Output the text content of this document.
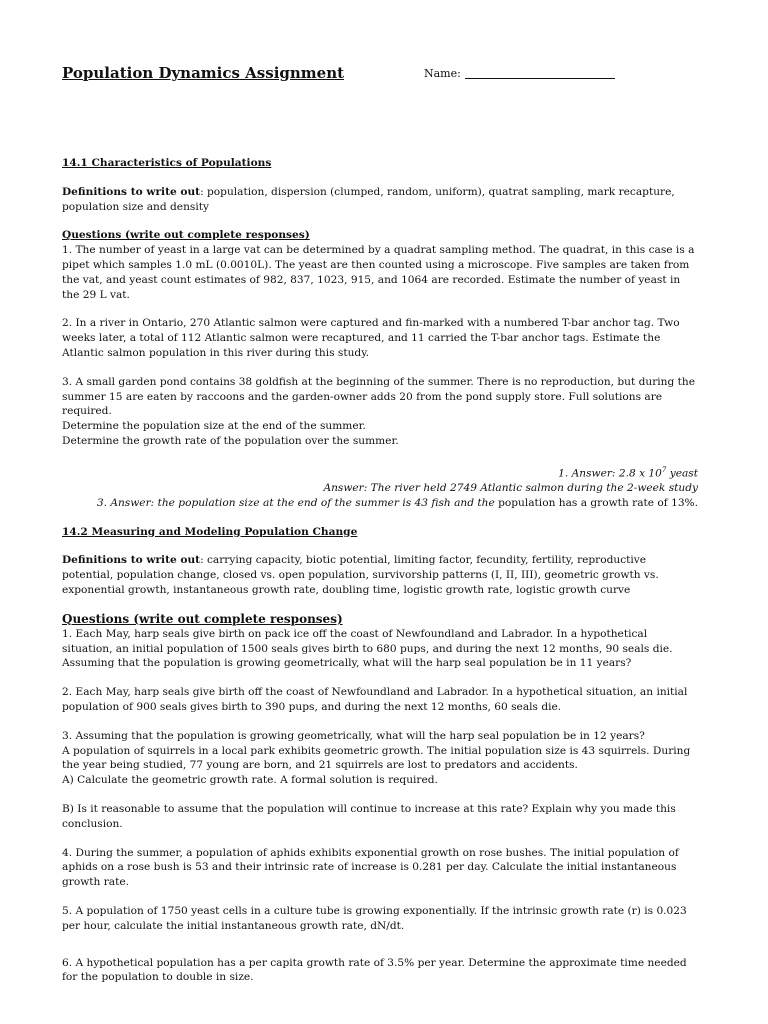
Population Dynamics Assignment	Name:
14.1 Characteristics of Populations

Definitions to write out: population, dispersion (clumped, random, uniform), quatrat sampling, mark recapture, population size and density

Questions (write out complete responses)

1. The number of yeast in a large vat can be determined by a quadrat sampling method. The quadrat, in this case is a pipet which samples 1.0 mL (0.0010L). The yeast are then counted using a microscope. Five samples are taken from the vat, and yeast count estimates of 982, 837, 1023, 915, and 1064 are recorded. Estimate the number of yeast in the 29 L vat.

2. In a river in Ontario, 270 Atlantic salmon were captured and fin-marked with a numbered T-bar anchor tag. Two weeks later, a total of 112 Atlantic salmon were recaptured, and 11 carried the T-bar anchor tags. Estimate the Atlantic salmon population in this river during this study.

3. A small garden pond contains 38 goldfish at the beginning of the summer. There is no reproduction, but during the summer 15 are eaten by raccoons and the garden-owner adds 20 from the pond supply store. Full solutions are required.

Determine the population size at the end of the summer.

Determine the growth rate of the population over the summer.

1. Answer: 2.8 x $10^7$ yeast

Answer: The river held 2749 Atlantic salmon during the 2-week study

3. Answer: the population size at the end of the summer is 43 fish and the population has a growth rate of 13%.

14.2 Measuring and Modeling Population Change

Definitions to write out: carrying capacity, biotic potential, limiting factor, fecundity, fertility, reproductive potential, population change, closed vs. open population, survivorship patterns (I, II, III), geometric growth vs. exponential growth, instantaneous growth rate, doubling time, logistic growth rate, logistic growth curve

Questions (write out complete responses)

1. Each May, harp seals give birth on pack ice off the coast of Newfoundland and Labrador. In a hypothetical situation, an initial population of 1500 seals gives birth to 680 pups, and during the next 12 months, 90 seals die. Assuming that the population is growing geometrically, what will the harp seal population be in 11 years?

2. Each May, harp seals give birth off the coast of Newfoundland and Labrador. In a hypothetical situation, an initial population of 900 seals gives birth to 390 pups, and during the next 12 months, 60 seals die.

3. Assuming that the population is growing geometrically, what will the harp seal population be in 12 years?

A population of squirrels in a local park exhibits geometric growth. The initial population size is 43 squirrels. During the year being studied, 77 young are born, and 21 squirrels are lost to predators and accidents.

A) Calculate the geometric growth rate. A formal solution is required.

B) Is it reasonable to assume that the population will continue to increase at this rate? Explain why you made this conclusion.

4. During the summer, a population of aphids exhibits exponential growth on rose bushes. The initial population of aphids on a rose bush is 53 and their intrinsic rate of increase is 0.281 per day. Calculate the initial instantaneous growth rate.

5. A population of 1750 yeast cells in a culture tube is growing exponentially. If the intrinsic growth rate (r) is 0.023 per hour, calculate the initial instantaneous growth rate, dN/dt.

6. A hypothetical population has a per capita growth rate of 3.5% per year. Determine the approximate time needed for the population to double in size.
